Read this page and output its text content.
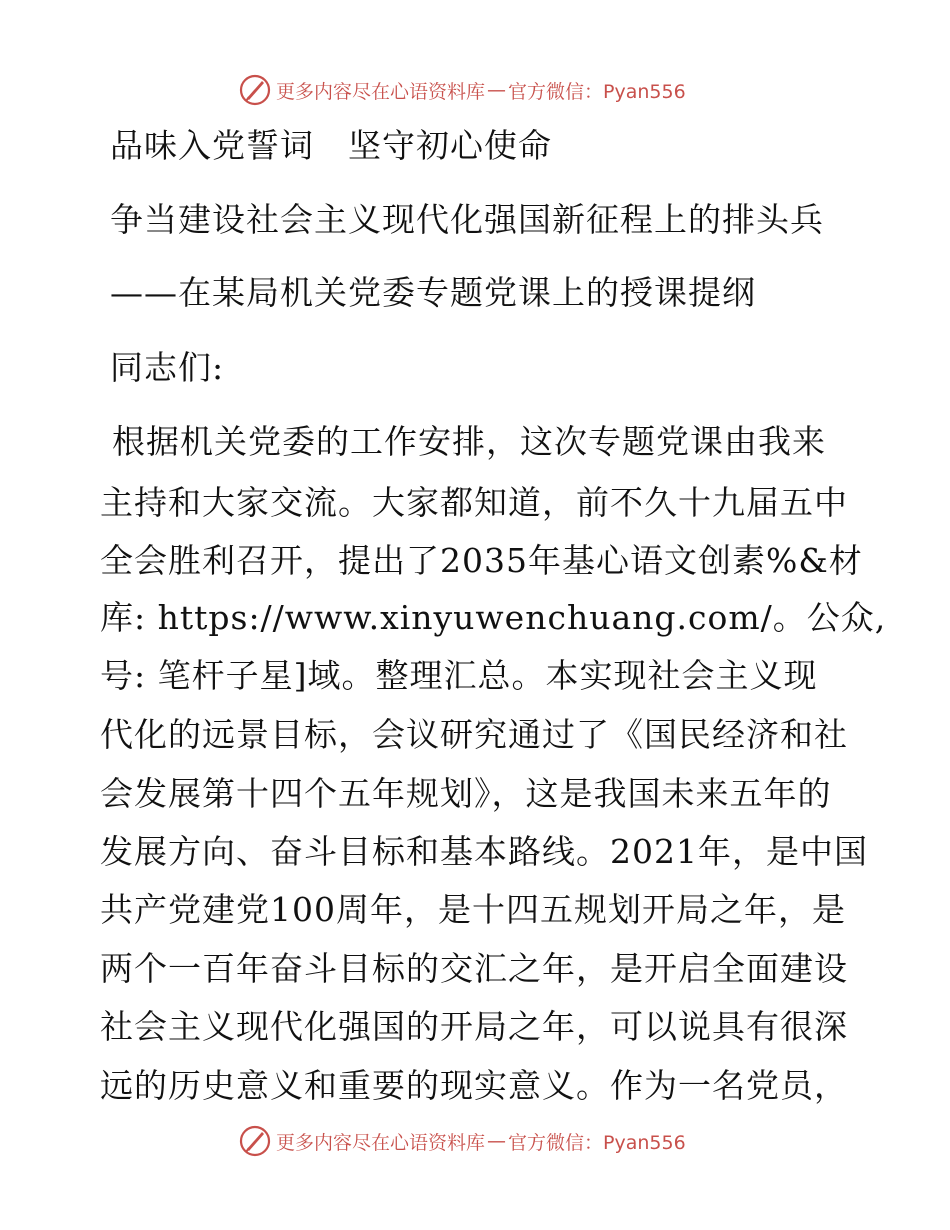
更多内容尽在心语资料库 — 官方微信：Pyan556
品味入党誓词　坚守初心使命
争当建设社会主义现代化强国新征程上的排头兵
——在某局机关党委专题党课上的授课提纲
同志们:
根据机关党委的工作安排，这次专题党课由我来
主持和大家交流。大家都知道，前不久十九届五中
全会胜利召开，提出了2035年基心语文创素%&材
库: https://www.xinyuwenchuang.com/。公众,
号: 笔杆子星]域。整理汇总。本实现社会主义现
代化的远景目标，会议研究通过了《国民经济和社
会发展第十四个五年规划》，这是我国未来五年的
发展方向、奋斗目标和基本路线。2021年，是中国
共产党建党100周年，是十四五规划开局之年，是
两个一百年奋斗目标的交汇之年，是开启全面建设
社会主义现代化强国的开局之年，可以说具有很深
远的历史意义和重要的现实意义。作为一名党员，
更多内容尽在心语资料库 — 官方微信：Pyan556
